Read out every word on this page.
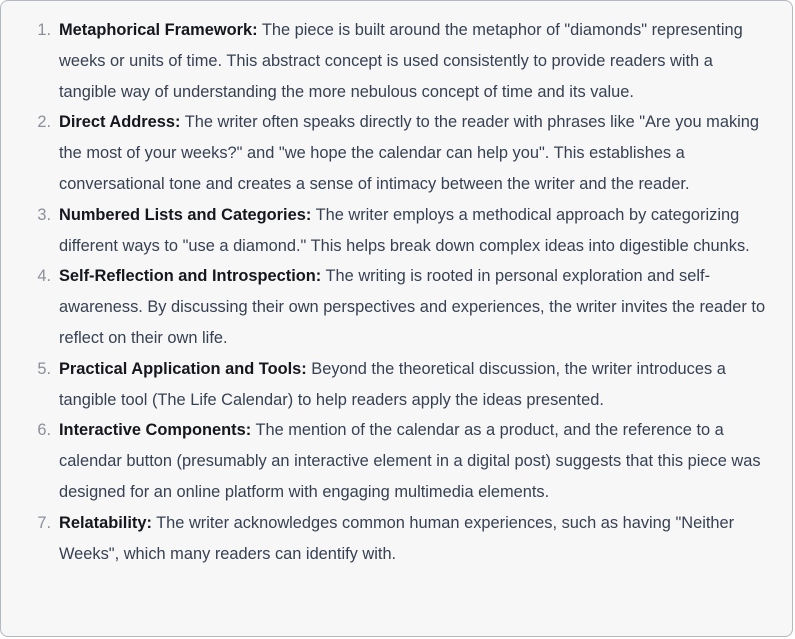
1. Metaphorical Framework: The piece is built around the metaphor of "diamonds" representing weeks or units of time. This abstract concept is used consistently to provide readers with a tangible way of understanding the more nebulous concept of time and its value.
2. Direct Address: The writer often speaks directly to the reader with phrases like "Are you making the most of your weeks?" and "we hope the calendar can help you". This establishes a conversational tone and creates a sense of intimacy between the writer and the reader.
3. Numbered Lists and Categories: The writer employs a methodical approach by categorizing different ways to "use a diamond." This helps break down complex ideas into digestible chunks.
4. Self-Reflection and Introspection: The writing is rooted in personal exploration and self-awareness. By discussing their own perspectives and experiences, the writer invites the reader to reflect on their own life.
5. Practical Application and Tools: Beyond the theoretical discussion, the writer introduces a tangible tool (The Life Calendar) to help readers apply the ideas presented.
6. Interactive Components: The mention of the calendar as a product, and the reference to a calendar button (presumably an interactive element in a digital post) suggests that this piece was designed for an online platform with engaging multimedia elements.
7. Relatability: The writer acknowledges common human experiences, such as having "Neither Weeks", which many readers can identify with.
